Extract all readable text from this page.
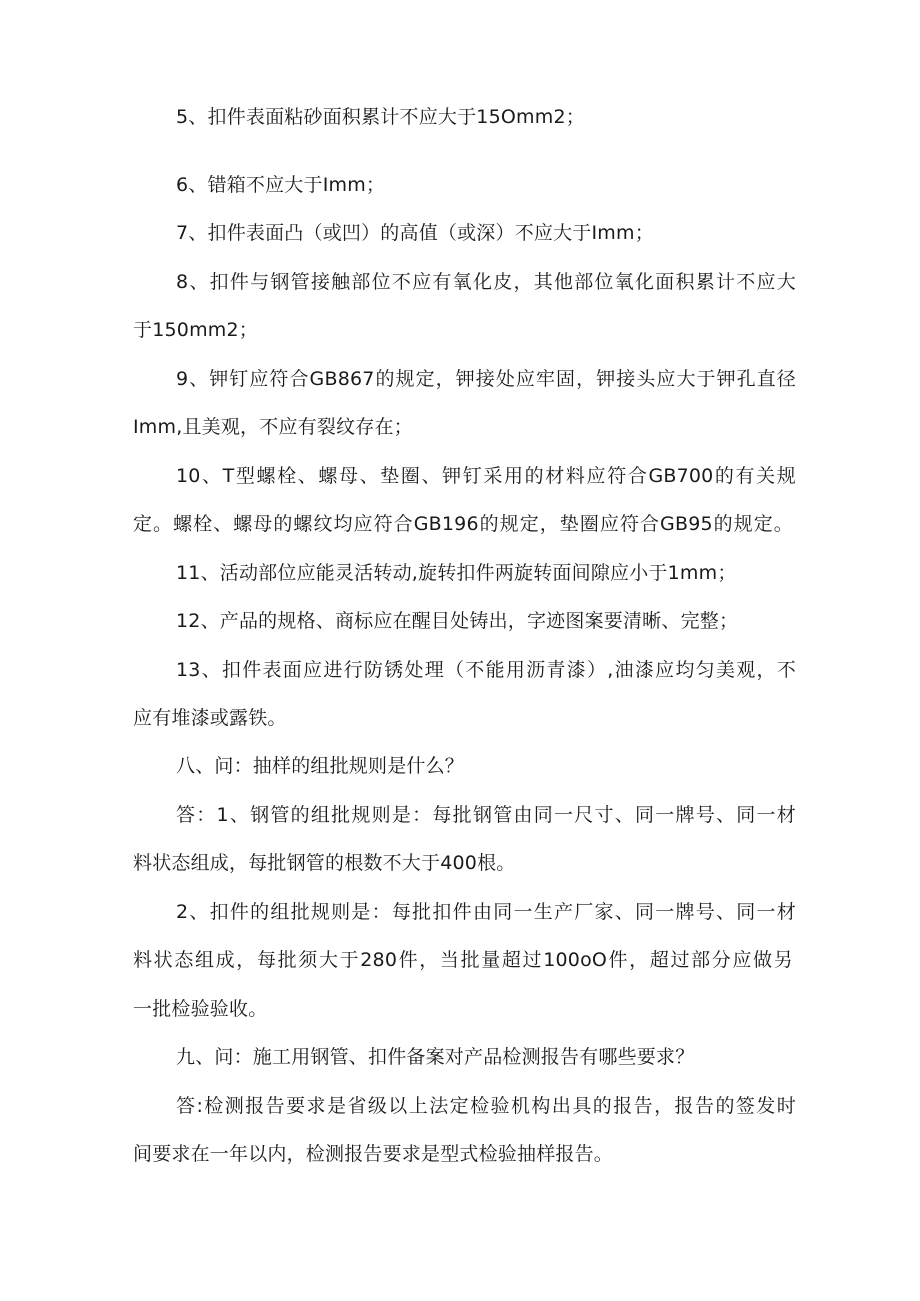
5、扣件表面粘砂面积累计不应大于15Omm2；
6、错箱不应大于Imm；
7、扣件表面凸（或凹）的高值（或深）不应大于Imm；
8、扣件与钢管接触部位不应有氧化皮，其他部位氧化面积累计不应大
于150mm2；
9、钾钉应符合GB867的规定，钾接处应牢固，钾接头应大于钾孔直径
Imm,且美观，不应有裂纹存在；
10、T型螺栓、螺母、垫圈、钾钉采用的材料应符合GB700的有关规
定。螺栓、螺母的螺纹均应符合GB196的规定，垫圈应符合GB95的规定。
11、活动部位应能灵活转动,旋转扣件两旋转面间隙应小于1mm；
12、产品的规格、商标应在醒目处铸出，字迹图案要清晰、完整；
13、扣件表面应进行防锈处理（不能用沥青漆）,油漆应均匀美观，不
应有堆漆或露铁。
八、问：抽样的组批规则是什么？
答：1、钢管的组批规则是：每批钢管由同一尺寸、同一牌号、同一材
料状态组成，每批钢管的根数不大于400根。
2、扣件的组批规则是：每批扣件由同一生产厂家、同一牌号、同一材
料状态组成，每批须大于280件，当批量超过100oO件，超过部分应做另
一批检验验收。
九、问：施工用钢管、扣件备案对产品检测报告有哪些要求？
答:检测报告要求是省级以上法定检验机构出具的报告，报告的签发时
间要求在一年以内，检测报告要求是型式检验抽样报告。
